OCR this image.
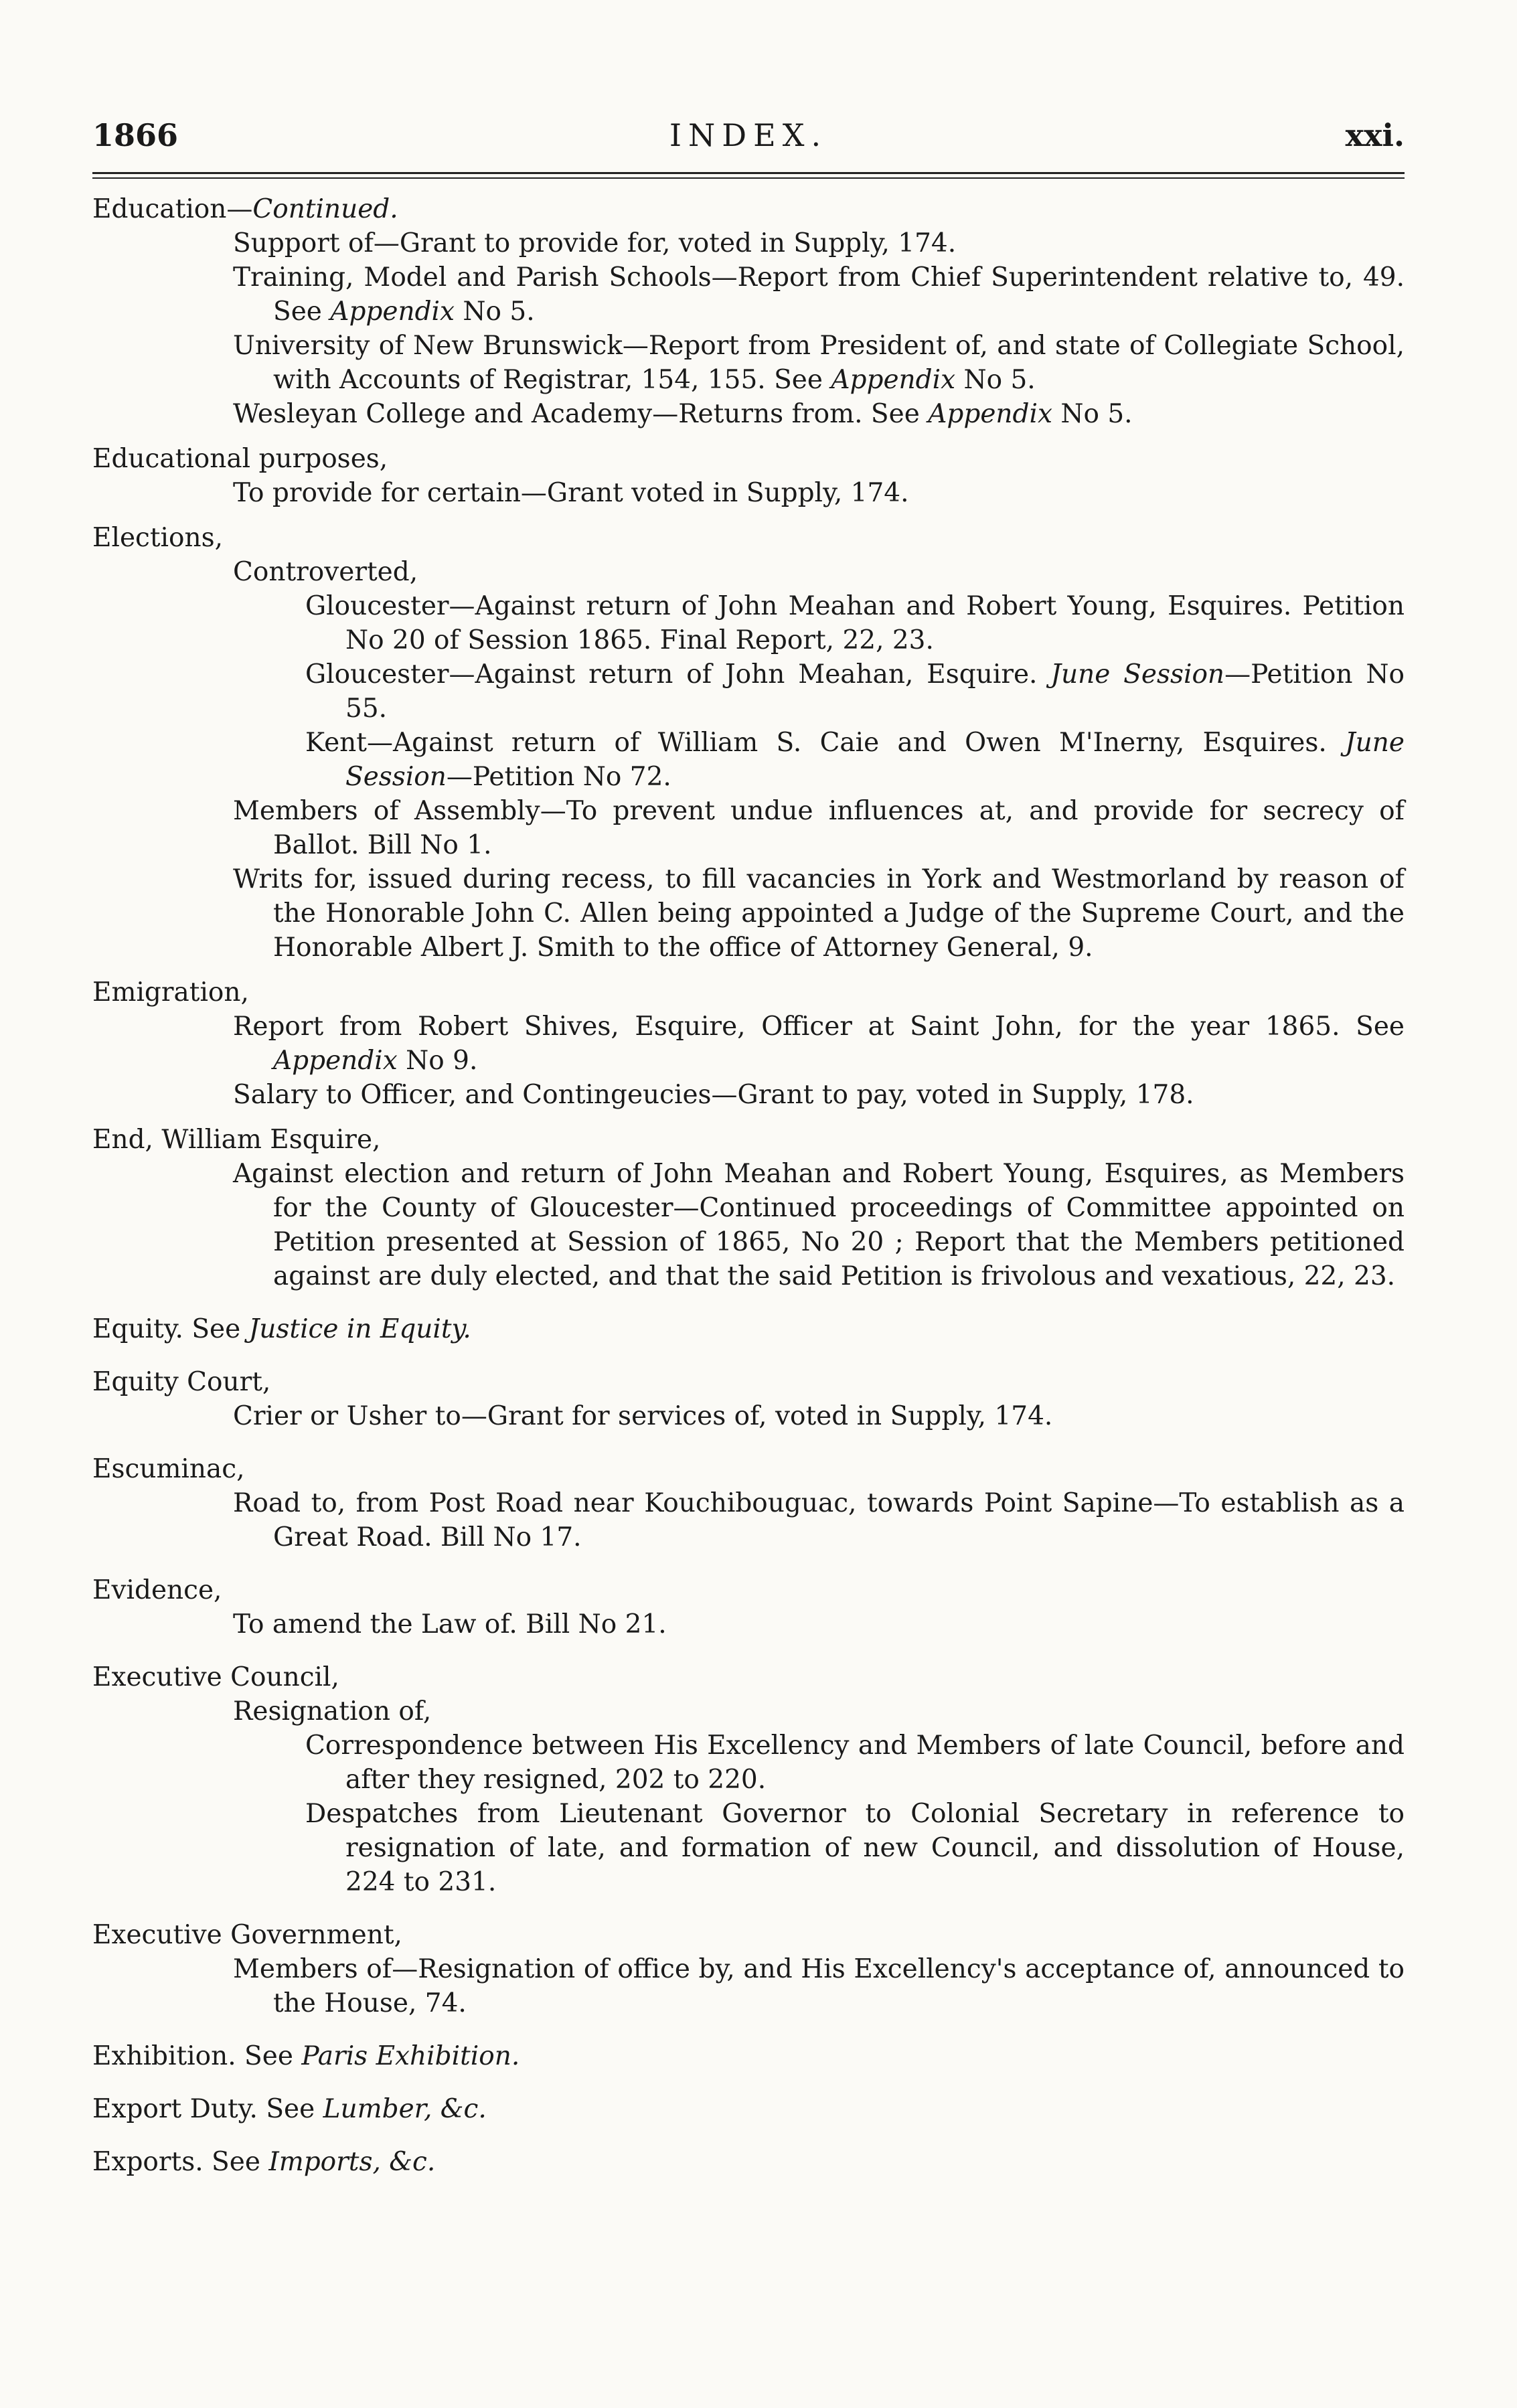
1866	INDEX.	xxi.
Education—Continued.
Support of—Grant to provide for, voted in Supply, 174.
Training, Model and Parish Schools—Report from Chief Superintendent relative to, 49. See Appendix No 5.
University of New Brunswick—Report from President of, and state of Collegiate School, with Accounts of Registrar, 154, 155. See Appendix No 5.
Wesleyan College and Academy—Returns from. See Appendix No 5.
Educational purposes,
To provide for certain—Grant voted in Supply, 174.
Elections,
Controverted,
Gloucester—Against return of John Meahan and Robert Young, Esquires. Petition No 20 of Session 1865. Final Report, 22, 23.
Gloucester—Against return of John Meahan, Esquire. June Session—Petition No 55.
Kent—Against return of William S. Caie and Owen M'Inerny, Esquires. June Session—Petition No 72.
Members of Assembly—To prevent undue influences at, and provide for secrecy of Ballot. Bill No 1.
Writs for, issued during recess, to fill vacancies in York and Westmorland by reason of the Honorable John C. Allen being appointed a Judge of the Supreme Court, and the Honorable Albert J. Smith to the office of Attorney General, 9.
Emigration,
Report from Robert Shives, Esquire, Officer at Saint John, for the year 1865. See Appendix No 9.
Salary to Officer, and Contingeucies—Grant to pay, voted in Supply, 178.
End, William Esquire,
Against election and return of John Meahan and Robert Young, Esquires, as Members for the County of Gloucester—Continued proceedings of Committee appointed on Petition presented at Session of 1865, No 20 ; Report that the Members petitioned against are duly elected, and that the said Petition is frivolous and vexatious, 22, 23.
Equity. See Justice in Equity.
Equity Court,
Crier or Usher to—Grant for services of, voted in Supply, 174.
Escuminac,
Road to, from Post Road near Kouchibouguac, towards Point Sapine—To establish as a Great Road. Bill No 17.
Evidence,
To amend the Law of. Bill No 21.
Executive Council,
Resignation of,
Correspondence between His Excellency and Members of late Council, before and after they resigned, 202 to 220.
Despatches from Lieutenant Governor to Colonial Secretary in reference to resignation of late, and formation of new Council, and dissolution of House, 224 to 231.
Executive Government,
Members of—Resignation of office by, and His Excellency's acceptance of, announced to the House, 74.
Exhibition. See Paris Exhibition.
Export Duty. See Lumber, &c.
Exports. See Imports, &c.
